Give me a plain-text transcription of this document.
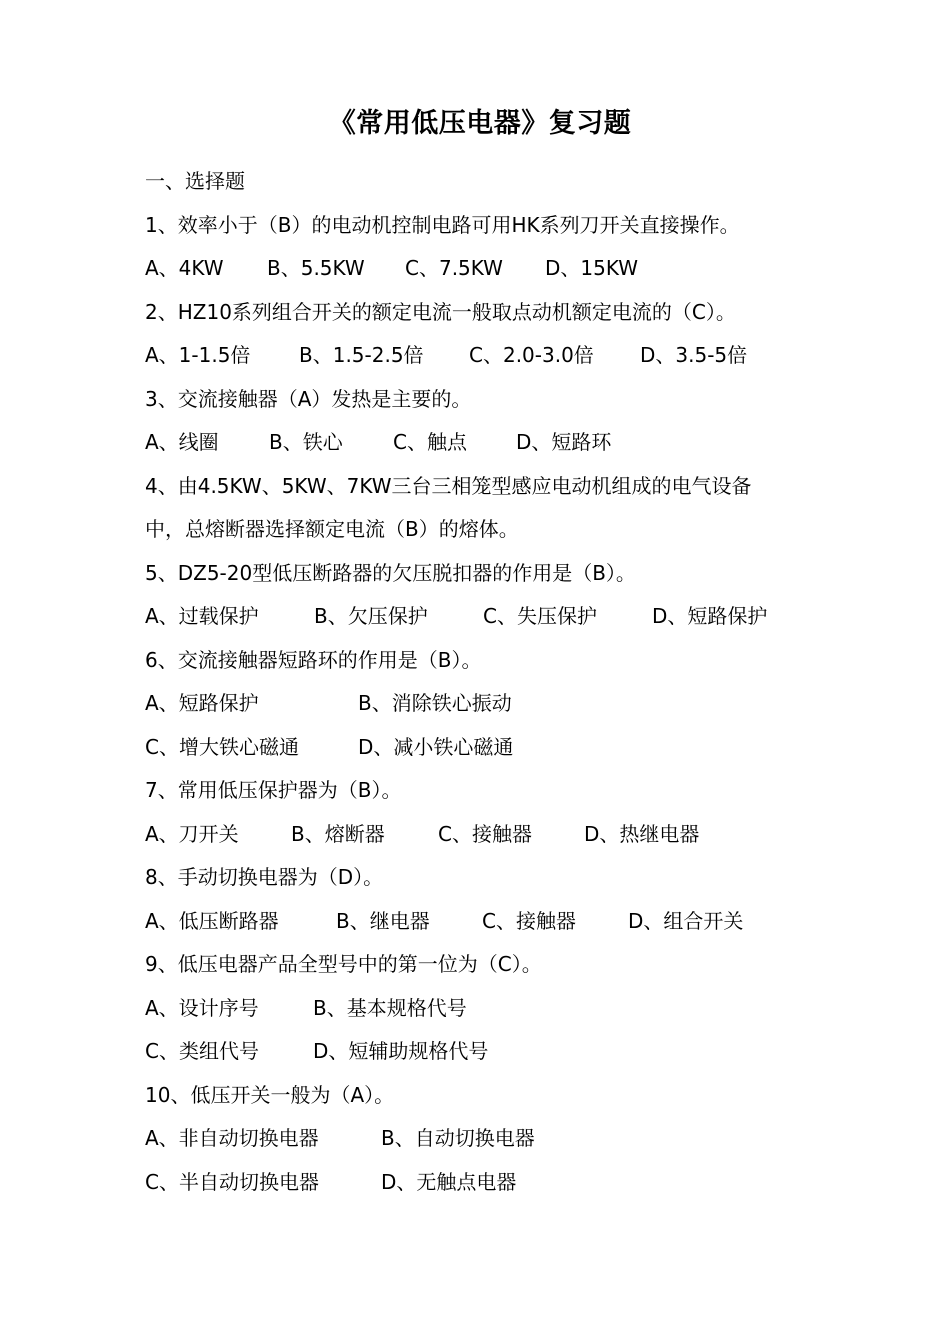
《常用低压电器》复习题
一、选择题
1、效率小于（B）的电动机控制电路可用HK系列刀开关直接操作。
A、4KW B、5.5KW C、7.5KW D、15KW
2、HZ10系列组合开关的额定电流一般取点动机额定电流的（C）。
A、1-1.5倍 B、1.5-2.5倍 C、2.0-3.0倍 D、3.5-5倍
3、交流接触器（A）发热是主要的。
A、线圈	B、铁心	C、触点 D、短路环
4、由4.5KW、5KW、7KW三台三相笼型感应电动机组成的电气设备
中，总熔断器选择额定电流（B）的熔体。
5、DZ5-20型低压断路器的欠压脱扣器的作用是（B）。
A、过载保护	B、欠压保护	C、失压保护	D、短路保护
6、交流接触器短路环的作用是（B）。
A、短路保护	B、消除铁心振动
C、增大铁心磁通	D、减小铁心磁通
7、常用低压保护器为（B）。
A、刀开关	B、熔断器	C、接触器	D、热继电器
8、手动切换电器为（D）。
A、低压断路器	B、继电器	C、接触器	D、组合开关
9、低压电器产品全型号中的第一位为（C）。
A、设计序号	B、基本规格代号
C、类组代号	D、短辅助规格代号
10、低压开关一般为（A）。
A、非自动切换电器	B、自动切换电器
C、半自动切换电器	D、无触点电器
